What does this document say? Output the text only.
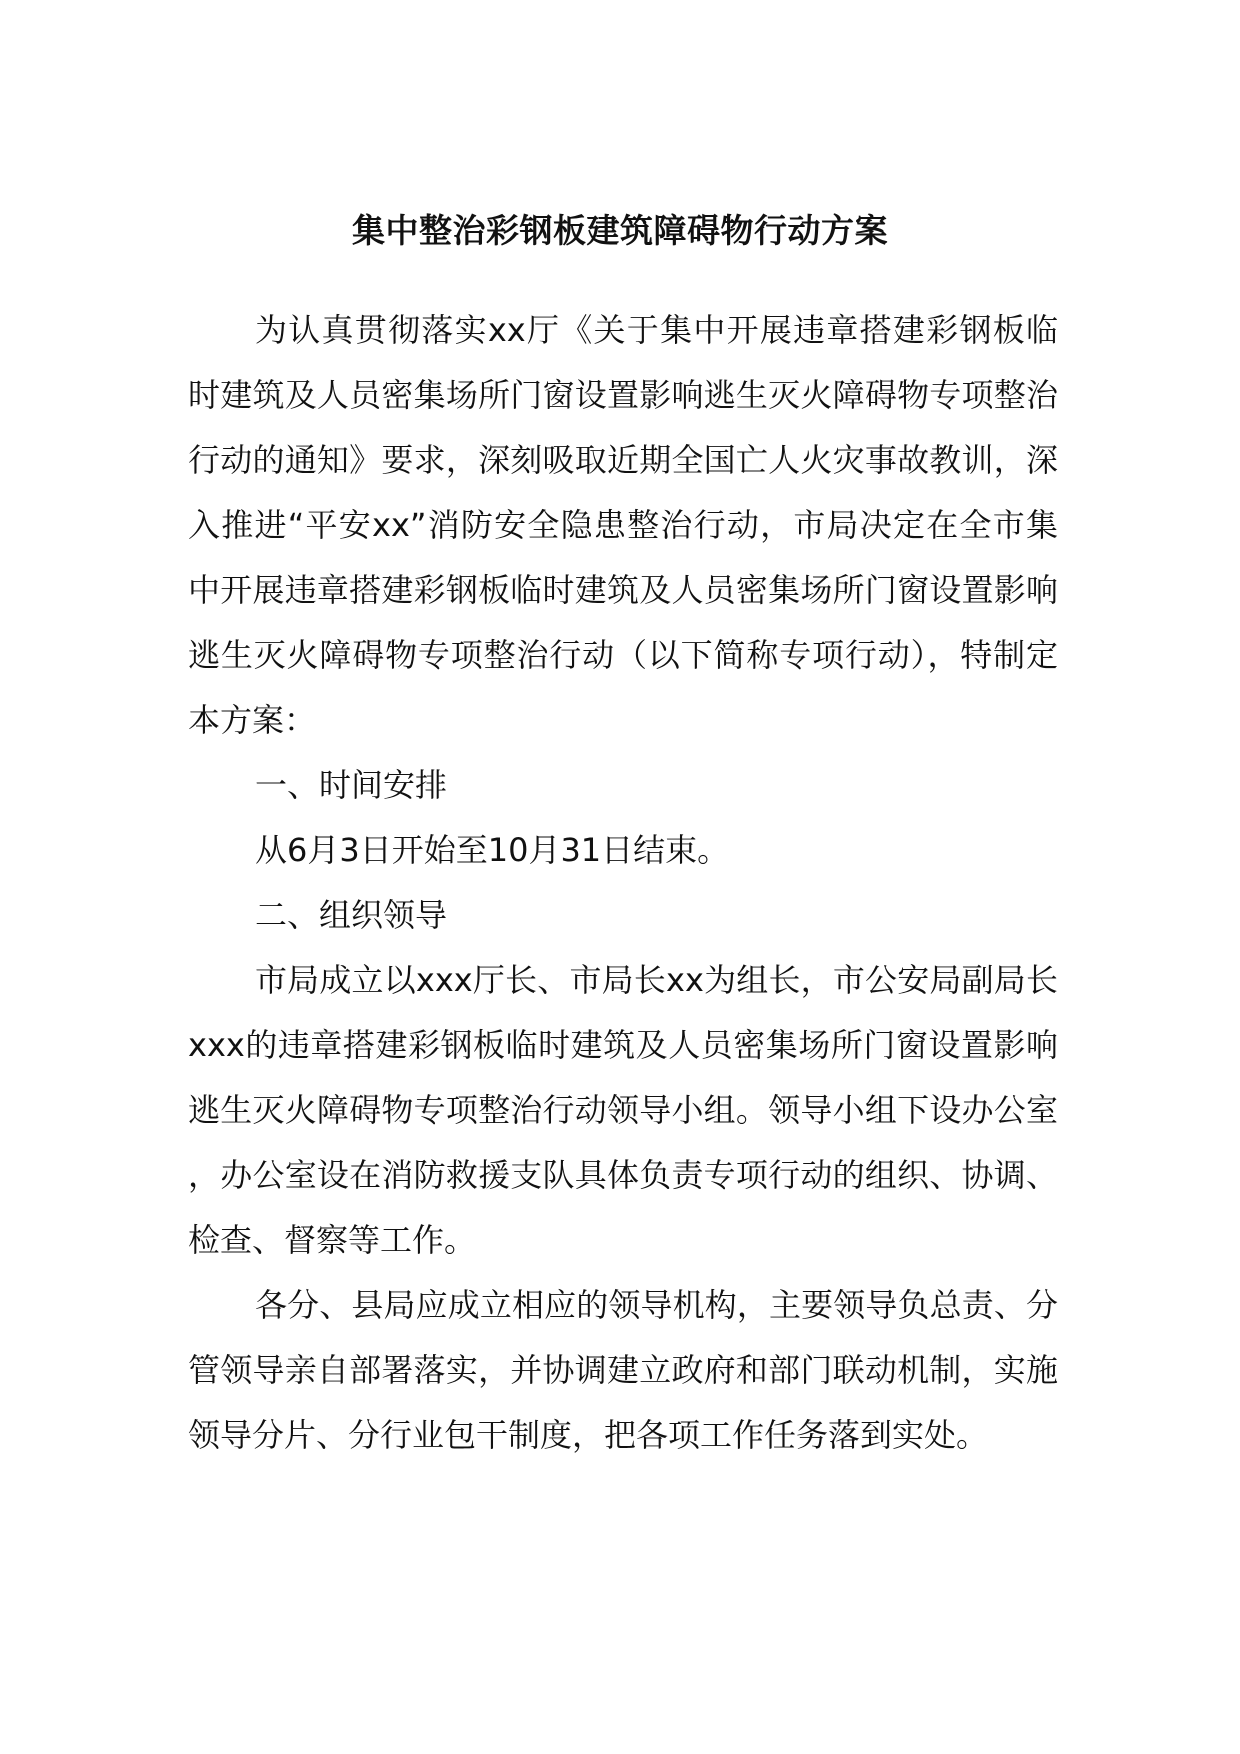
集中整治彩钢板建筑障碍物行动方案

为认真贯彻落实xx厅《关于集中开展违章搭建彩钢板临时建筑及人员密集场所门窗设置影响逃生灭火障碍物专项整治行动的通知》要求，深刻吸取近期全国亡人火灾事故教训，深入推进“平安xx”消防安全隐患整治行动，市局决定在全市集中开展违章搭建彩钢板临时建筑及人员密集场所门窗设置影响逃生灭火障碍物专项整治行动（以下简称专项行动），特制定本方案：

一、时间安排

从6月3日开始至10月31日结束。

二、组织领导

市局成立以xxx厅长、市局长xx为组长，市公安局副局长xxx的违章搭建彩钢板临时建筑及人员密集场所门窗设置影响逃生灭火障碍物专项整治行动领导小组。领导小组下设办公室，办公室设在消防救援支队具体负责专项行动的组织、协调、检查、督察等工作。

各分、县局应成立相应的领导机构，主要领导负总责、分管领导亲自部署落实，并协调建立政府和部门联动机制，实施领导分片、分行业包干制度，把各项工作任务落到实处。
